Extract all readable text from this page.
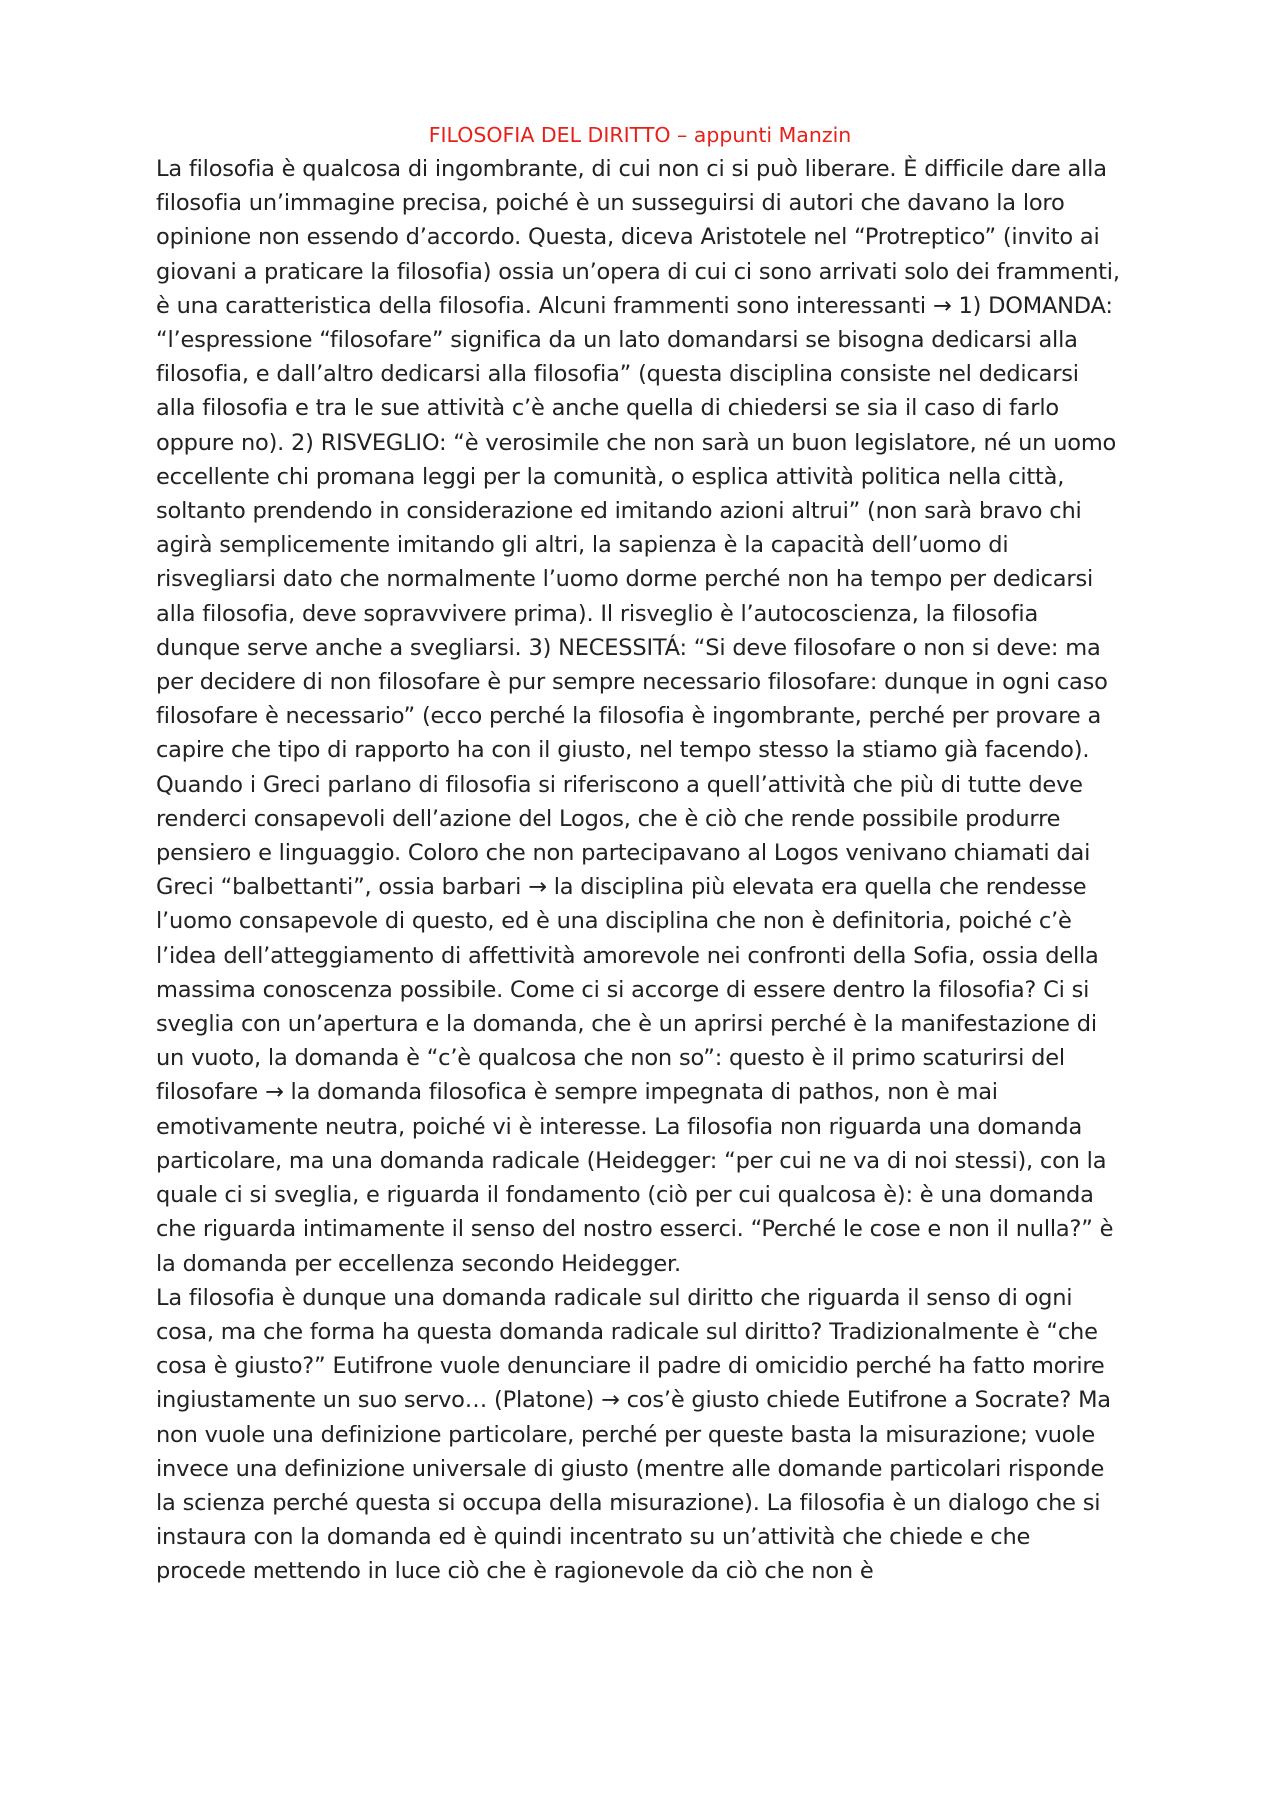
FILOSOFIA DEL DIRITTO – appunti Manzin

La filosofia è qualcosa di ingombrante, di cui non ci si può liberare. È difficile dare alla filosofia un’immagine precisa, poiché è un susseguirsi di autori che davano la loro opinione non essendo d’accordo. Questa, diceva Aristotele nel “Protreptico” (invito ai giovani a praticare la filosofia) ossia un’opera di cui ci sono arrivati solo dei frammenti, è una caratteristica della filosofia. Alcuni frammenti sono interessanti → 1) DOMANDA: “l’espressione “filosofare” significa da un lato domandarsi se bisogna dedicarsi alla filosofia, e dall’altro dedicarsi alla filosofia” (questa disciplina consiste nel dedicarsi alla filosofia e tra le sue attività c’è anche quella di chiedersi se sia il caso di farlo oppure no). 2) RISVEGLIO: “è verosimile che non sarà un buon legislatore, né un uomo eccellente chi promana leggi per la comunità, o esplica attività politica nella città, soltanto prendendo in considerazione ed imitando azioni altrui” (non sarà bravo chi agirà semplicemente imitando gli altri, la sapienza è la capacità dell’uomo di risvegliarsi dato che normalmente l’uomo dorme perché non ha tempo per dedicarsi alla filosofia, deve sopravvivere prima). Il risveglio è l’autocoscienza, la filosofia dunque serve anche a svegliarsi. 3) NECESSITÁ: “Si deve filosofare o non si deve: ma per decidere di non filosofare è pur sempre necessario filosofare: dunque in ogni caso filosofare è necessario” (ecco perché la filosofia è ingombrante, perché per provare a capire che tipo di rapporto ha con il giusto, nel tempo stesso la stiamo già facendo).

Quando i Greci parlano di filosofia si riferiscono a quell’attività che più di tutte deve renderci consapevoli dell’azione del Logos, che è ciò che rende possibile produrre pensiero e linguaggio. Coloro che non partecipavano al Logos venivano chiamati dai Greci “balbettanti”, ossia barbari → la disciplina più elevata era quella che rendesse l’uomo consapevole di questo, ed è una disciplina che non è definitoria, poiché c’è l’idea dell’atteggiamento di affettività amorevole nei confronti della Sofia, ossia della massima conoscenza possibile. Come ci si accorge di essere dentro la filosofia? Ci si sveglia con un’apertura e la domanda, che è un aprirsi perché è la manifestazione di un vuoto, la domanda è “c’è qualcosa che non so”: questo è il primo scaturirsi del filosofare → la domanda filosofica è sempre impegnata di pathos, non è mai emotivamente neutra, poiché vi è interesse. La filosofia non riguarda una domanda particolare, ma una domanda radicale (Heidegger: “per cui ne va di noi stessi), con la quale ci si sveglia, e riguarda il fondamento (ciò per cui qualcosa è): è una domanda che riguarda intimamente il senso del nostro esserci. “Perché le cose e non il nulla?” è la domanda per eccellenza secondo Heidegger.

La filosofia è dunque una domanda radicale sul diritto che riguarda il senso di ogni cosa, ma che forma ha questa domanda radicale sul diritto? Tradizionalmente è “che cosa è giusto?” Eutifrone vuole denunciare il padre di omicidio perché ha fatto morire ingiustamente un suo servo… (Platone) → cos’è giusto chiede Eutifrone a Socrate? Ma non vuole una definizione particolare, perché per queste basta la misurazione; vuole invece una definizione universale di giusto (mentre alle domande particolari risponde la scienza perché questa si occupa della misurazione). La filosofia è un dialogo che si instaura con la domanda ed è quindi incentrato su un’attività che chiede e che procede mettendo in luce ciò che è ragionevole da ciò che non è
